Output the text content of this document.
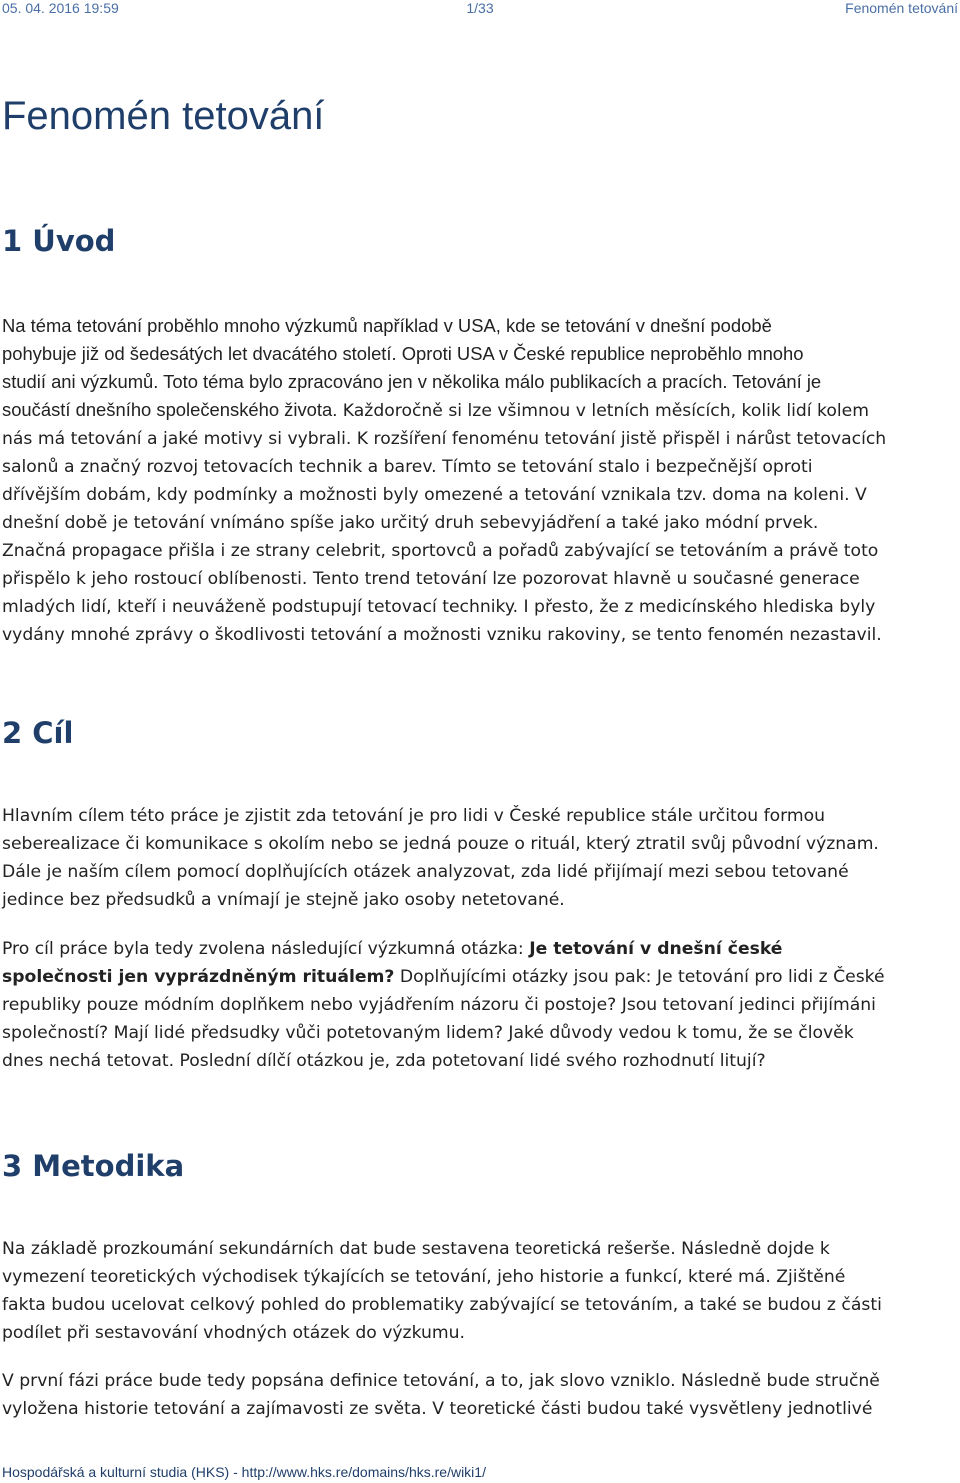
05. 04. 2016 19:59	1/33	Fenomén tetování
Fenomén tetování
1 Úvod

Na téma tetování proběhlo mnoho výzkumů například v USA, kde se tetování v dnešní podobě
pohybuje již od šedesátých let dvacátého století. Oproti USA v České republice neproběhlo mnoho
studií ani výzkumů. Toto téma bylo zpracováno jen v několika málo publikacích a pracích. Tetování je
součástí dnešního společenského života. Každoročně si lze všimnou v letních měsících, kolik lidí kolem
nás má tetování a jaké motivy si vybrali. K rozšíření fenoménu tetování jistě přispěl i nárůst tetovacích
salonů a značný rozvoj tetovacích technik a barev. Tímto se tetování stalo i bezpečnější oproti
dřívějším dobám, kdy podmínky a možnosti byly omezené a tetování vznikala tzv. doma na koleni. V
dnešní době je tetování vnímáno spíše jako určitý druh sebevyjádření a také jako módní prvek.
Značná propagace přišla i ze strany celebrit, sportovců a pořadů zabývající se tetováním a právě toto
přispělo k jeho rostoucí oblíbenosti. Tento trend tetování lze pozorovat hlavně u současné generace
mladých lidí, kteří i neuváženě podstupují tetovací techniky. I přesto, že z medicínského hlediska byly
vydány mnohé zprávy o škodlivosti tetování a možnosti vzniku rakoviny, se tento fenomén nezastavil.

2 Cíl

Hlavním cílem této práce je zjistit zda tetování je pro lidi v České republice stále určitou formou
seberealizace či komunikace s okolím nebo se jedná pouze o rituál, který ztratil svůj původní význam.
Dále je naším cílem pomocí doplňujících otázek analyzovat, zda lidé přijímají mezi sebou tetované
jedince bez předsudků a vnímají je stejně jako osoby netetované.

Pro cíl práce byla tedy zvolena následující výzkumná otázka: Je tetování v dnešní české
společnosti jen vyprázdněným rituálem? Doplňujícími otázky jsou pak: Je tetování pro lidi z České
republiky pouze módním doplňkem nebo vyjádřením názoru či postoje? Jsou tetovaní jedinci přijímáni
společností? Mají lidé předsudky vůči potetovaným lidem? Jaké důvody vedou k tomu, že se člověk
dnes nechá tetovat. Poslední dílčí otázkou je, zda potetovaní lidé svého rozhodnutí litují?

3 Metodika

Na základě prozkoumání sekundárních dat bude sestavena teoretická rešerše. Následně dojde k
vymezení teoretických východisek týkajících se tetování, jeho historie a funkcí, které má. Zjištěné
fakta budou ucelovat celkový pohled do problematiky zabývající se tetováním, a také se budou z části
podílet při sestavování vhodných otázek do výzkumu.

V první fázi práce bude tedy popsána definice tetování, a to, jak slovo vzniklo. Následně bude stručně
vyložena historie tetování a zajímavosti ze světa. V teoretické části budou také vysvětleny jednotlivé

Hospodářská a kulturní studia (HKS) - http://www.hks.re/domains/hks.re/wiki1/
